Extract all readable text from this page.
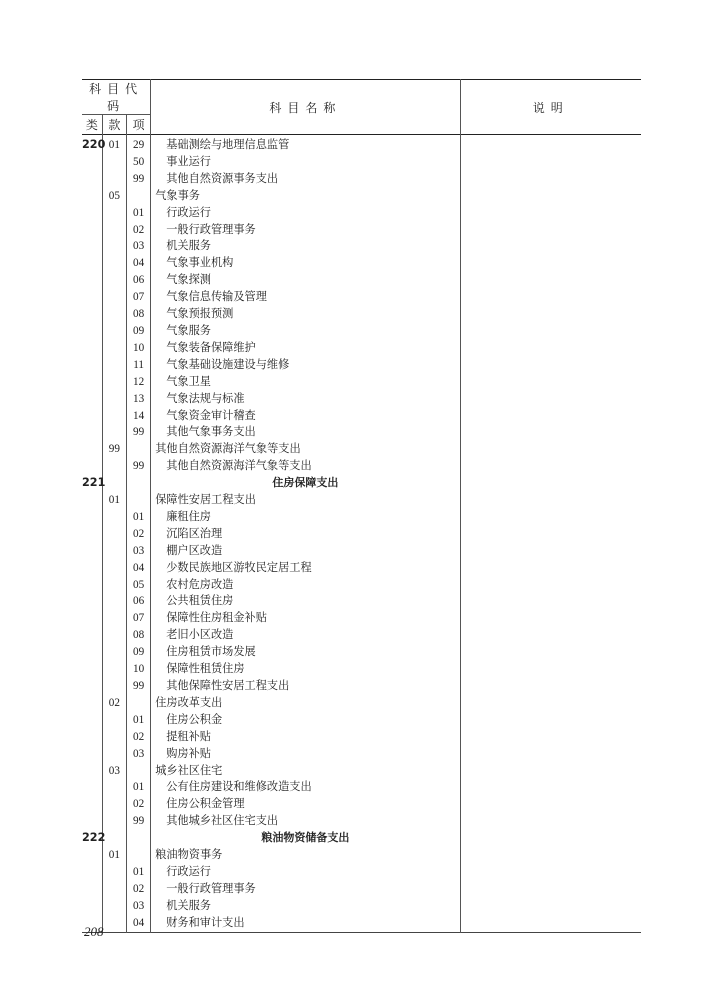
科目代码			科目名称	说明
类	款	项		
220	01	29	基础测绘与地理信息监管	
		50	事业运行	
		99	其他自然资源事务支出	
	05		气象事务	
		01	行政运行	
		02	一般行政管理事务	
		03	机关服务	
		04	气象事业机构	
		06	气象探测	
		07	气象信息传输及管理	
		08	气象预报预测	
		09	气象服务	
		10	气象装备保障维护	
		11	气象基础设施建设与维修	
		12	气象卫星	
		13	气象法规与标准	
		14	气象资金审计稽查	
		99	其他气象事务支出	
	99		其他自然资源海洋气象等支出	
		99	其他自然资源海洋气象等支出	
221			住房保障支出	
	01		保障性安居工程支出	
		01	廉租住房	
		02	沉陷区治理	
		03	棚户区改造	
		04	少数民族地区游牧民定居工程	
		05	农村危房改造	
		06	公共租赁住房	
		07	保障性住房租金补贴	
		08	老旧小区改造	
		09	住房租赁市场发展	
		10	保障性租赁住房	
		99	其他保障性安居工程支出	
	02		住房改革支出	
		01	住房公积金	
		02	提租补贴	
		03	购房补贴	
	03		城乡社区住宅	
		01	公有住房建设和维修改造支出	
		02	住房公积金管理	
		99	其他城乡社区住宅支出	
222			粮油物资储备支出	
	01		粮油物资事务	
		01	行政运行	
		02	一般行政管理事务	
		03	机关服务	
		04	财务和审计支出	
208
